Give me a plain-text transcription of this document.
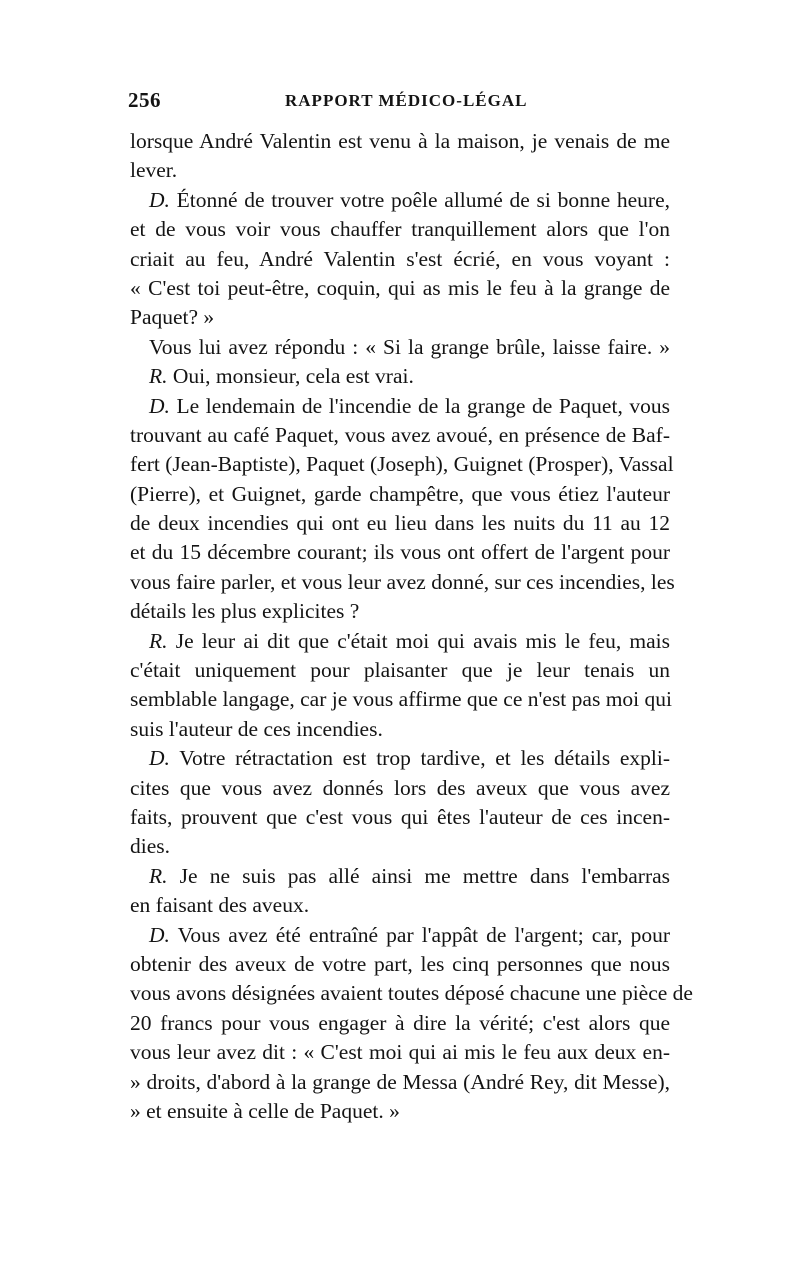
256	RAPPORT MÉDICO-LÉGAL
lorsque André Valentin est venu à la maison, je venais de me
lever.
D. Étonné de trouver votre poêle allumé de si bonne heure,
et de vous voir vous chauffer tranquillement alors que l'on
criait au feu, André Valentin s'est écrié, en vous voyant :
« C'est toi peut-être, coquin, qui as mis le feu à la grange de
Paquet? »
Vous lui avez répondu : « Si la grange brûle, laisse faire. »
R. Oui, monsieur, cela est vrai.
D. Le lendemain de l'incendie de la grange de Paquet, vous
trouvant au café Paquet, vous avez avoué, en présence de Baf-
fert (Jean-Baptiste), Paquet (Joseph), Guignet (Prosper), Vassal
(Pierre), et Guignet, garde champêtre, que vous étiez l'auteur
de deux incendies qui ont eu lieu dans les nuits du 11 au 12
et du 15 décembre courant; ils vous ont offert de l'argent pour
vous faire parler, et vous leur avez donné, sur ces incendies, les
détails les plus explicites ?
R. Je leur ai dit que c'était moi qui avais mis le feu, mais
c'était uniquement pour plaisanter que je leur tenais un
semblable langage, car je vous affirme que ce n'est pas moi qui
suis l'auteur de ces incendies.
D. Votre rétractation est trop tardive, et les détails expli-
cites que vous avez donnés lors des aveux que vous avez
faits, prouvent que c'est vous qui êtes l'auteur de ces incen-
dies.
R. Je ne suis pas allé ainsi me mettre dans l'embarras
en faisant des aveux.
D. Vous avez été entraîné par l'appât de l'argent; car, pour
obtenir des aveux de votre part, les cinq personnes que nous
vous avons désignées avaient toutes déposé chacune une pièce de
20 francs pour vous engager à dire la vérité; c'est alors que
vous leur avez dit : « C'est moi qui ai mis le feu aux deux en-
» droits, d'abord à la grange de Messa (André Rey, dit Messe),
» et ensuite à celle de Paquet. »
